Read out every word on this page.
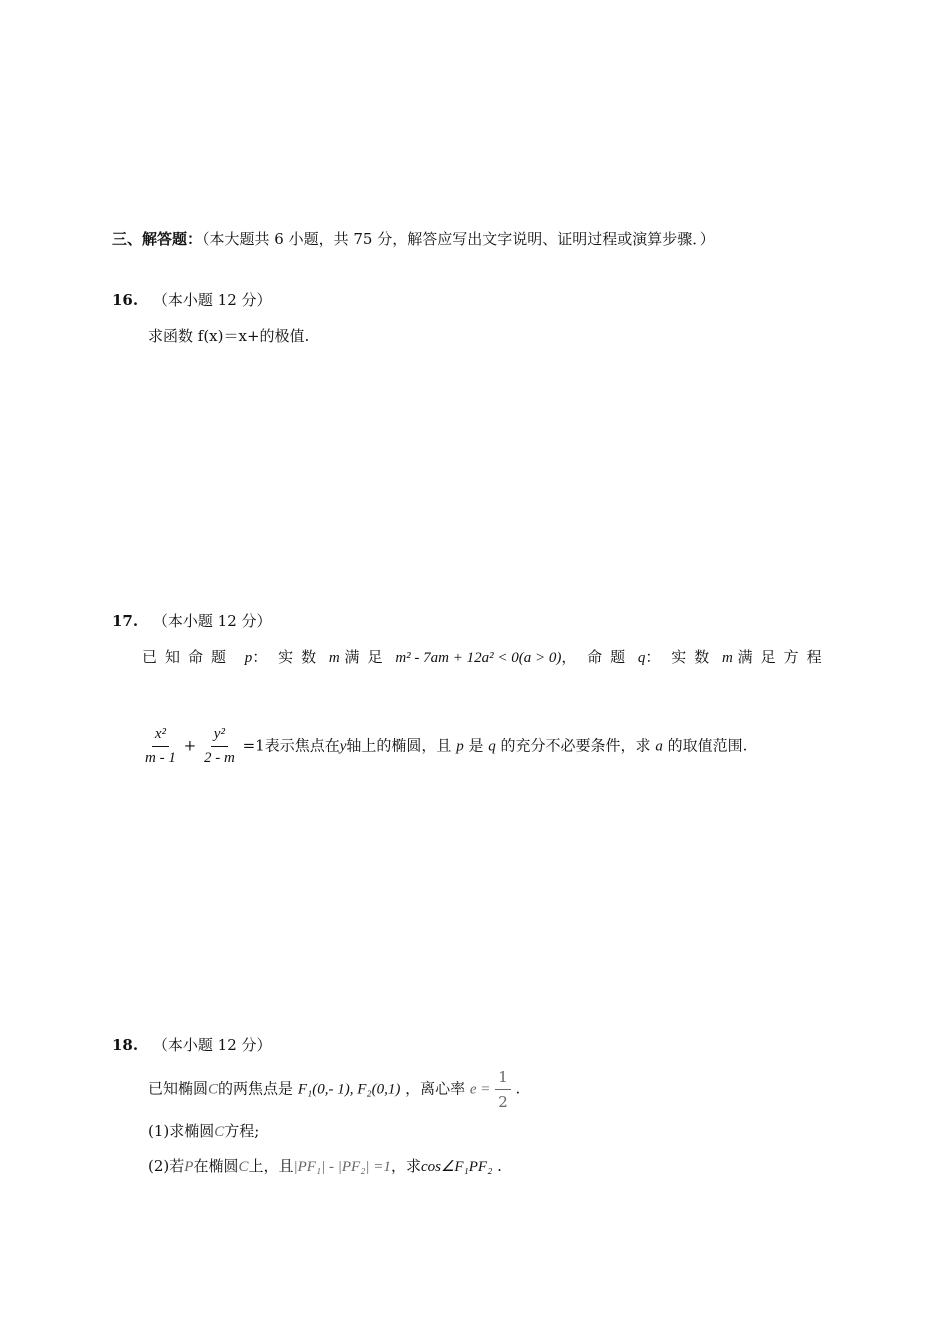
三、解答题：（本大题共 6 小题，共 75 分，解答应写出文字说明、证明过程或演算步骤．）
16. （本小题 12 分）
求函数 f(x)＝x+的极值.
17. （本小题 12 分）
已知命题 p： 实数 m 满足 m² - 7am + 12a² < 0(a > 0)， 命题 q： 实数 m 满足方程
$\frac{\text{x²}}{m - 1} + \frac{\text{y²}}{2 - m} =1$表示焦点在y轴上的椭圆，且 p 是 q 的充分不必要条件，求 a 的取值范围.
18. （本小题 12 分）
已知椭圆C的两焦点是 F₁(0,- 1), F₂(0,1) ，离心率 $e = \frac{1}{2}$ .
(1)求椭圆C方程;
(2)若P在椭圆C上，且|PF₁| - |PF₂| =1，求cos∠F₁PF₂ .
